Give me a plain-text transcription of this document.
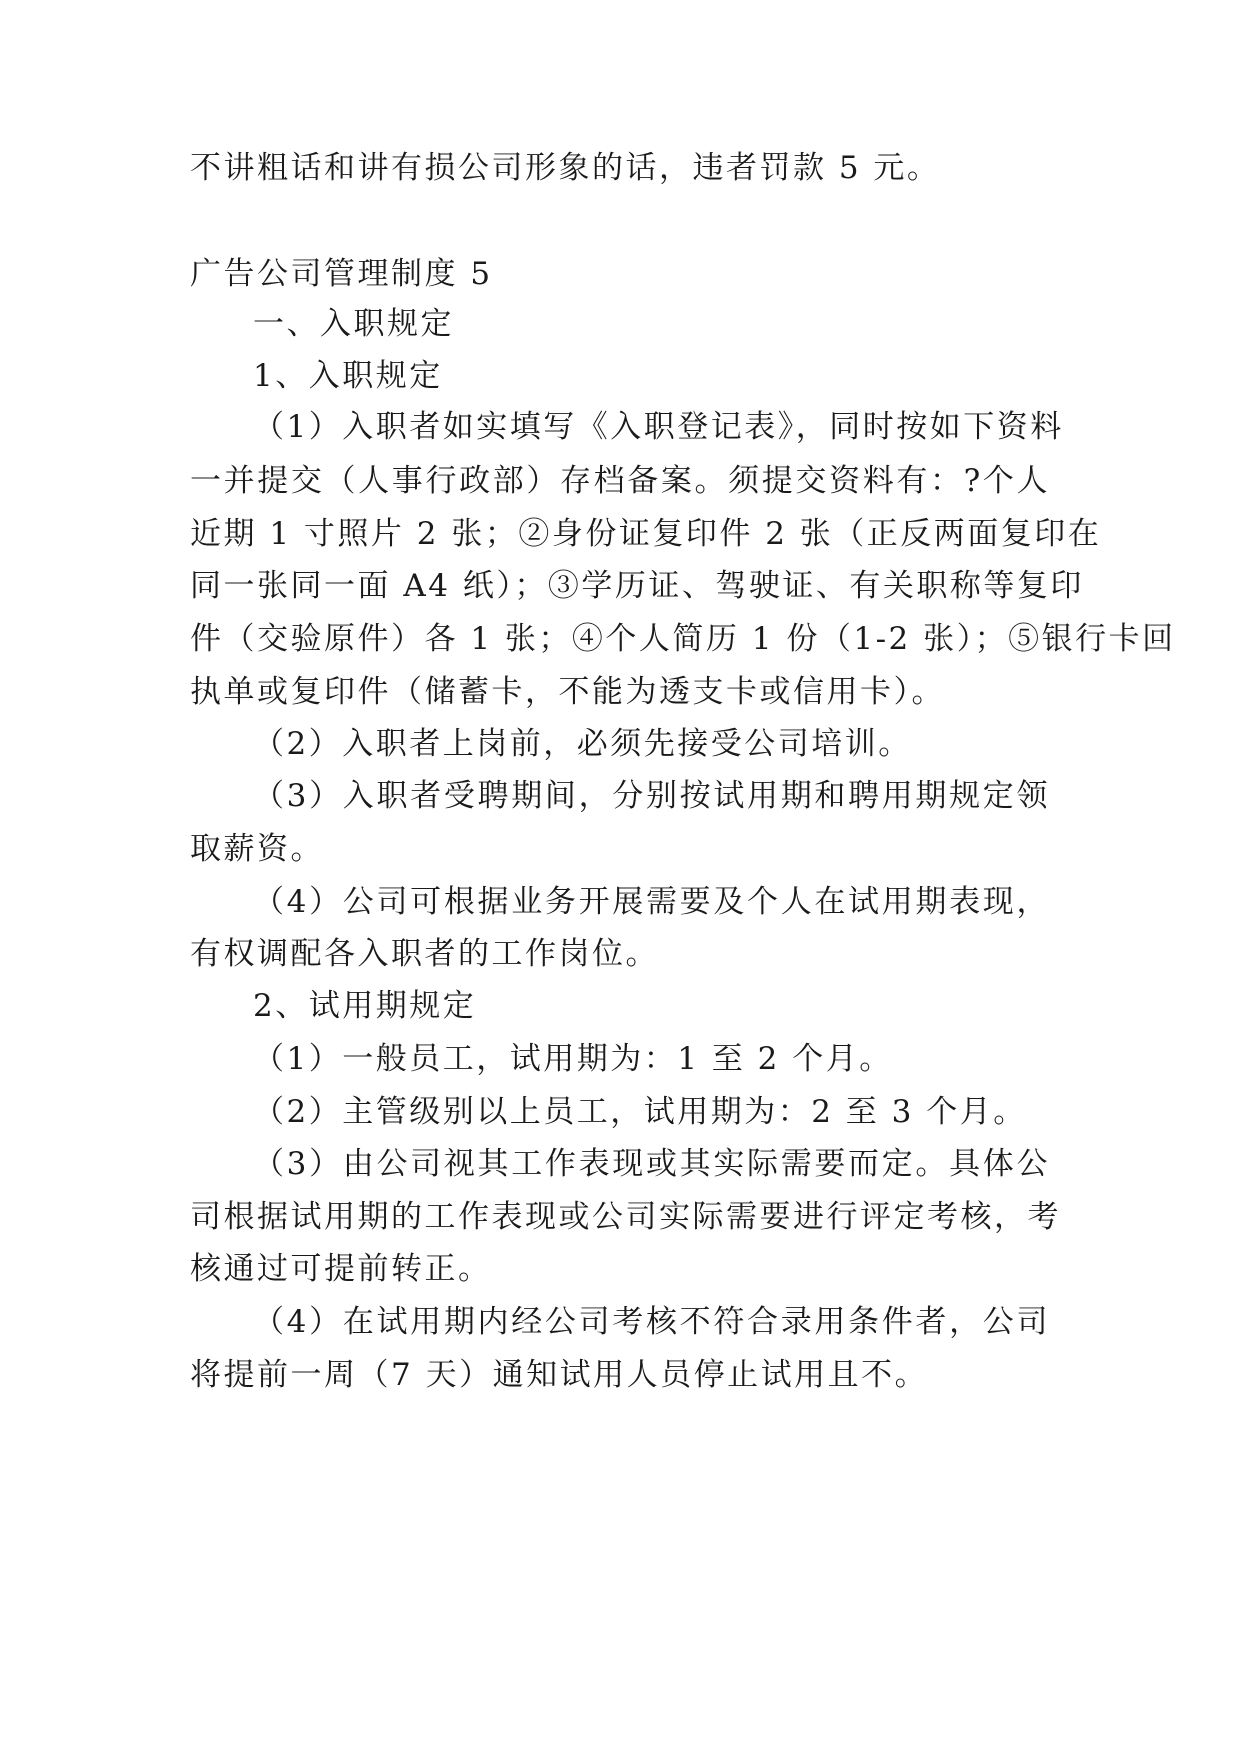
不讲粗话和讲有损公司形象的话，违者罚款 5 元。

广告公司管理制度 5

一、入职规定

1、入职规定

（1）入职者如实填写《入职登记表》，同时按如下资料

一并提交（人事行政部）存档备案。须提交资料有：?个人

近期 1 寸照片 2 张；②身份证复印件 2 张（正反两面复印在

同一张同一面 A4 纸）；③学历证、驾驶证、有关职称等复印

件（交验原件）各 1 张；④个人简历 1 份（1-2 张）；⑤银行卡回

执单或复印件（储蓄卡，不能为透支卡或信用卡）。

（2）入职者上岗前，必须先接受公司培训。

（3）入职者受聘期间，分别按试用期和聘用期规定领

取薪资。

（4）公司可根据业务开展需要及个人在试用期表现，

有权调配各入职者的工作岗位。

2、试用期规定

（1）一般员工，试用期为：1 至 2 个月。

（2）主管级别以上员工，试用期为：2 至 3 个月。

（3）由公司视其工作表现或其实际需要而定。具体公

司根据试用期的工作表现或公司实际需要进行评定考核，考

核通过可提前转正。

（4）在试用期内经公司考核不符合录用条件者，公司

将提前一周（7 天）通知试用人员停止试用且不。
